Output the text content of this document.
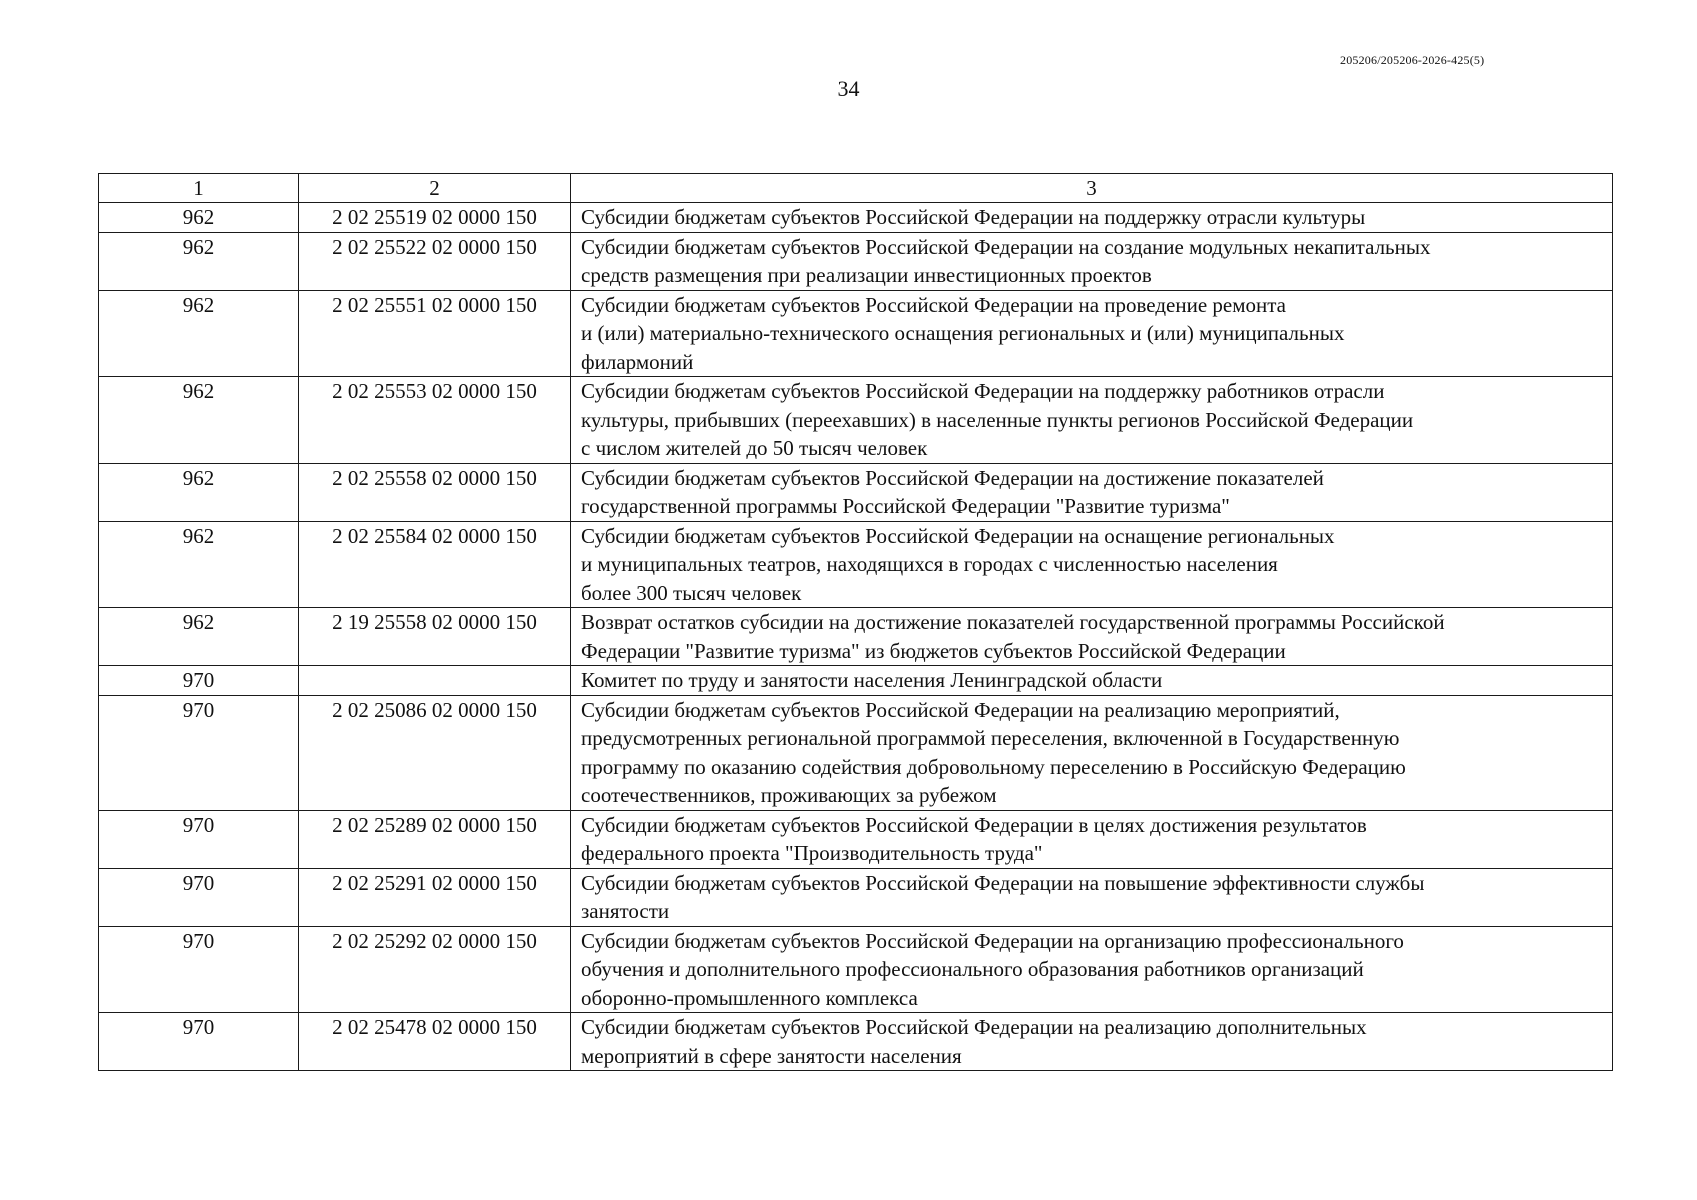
205206/205206-2026-425(5)
34
1	2	3
962	2 02 25519 02 0000 150	Субсидии бюджетам субъектов Российской Федерации на поддержку отрасли культуры

962	2 02 25522 02 0000 150	Субсидии бюджетам субъектов Российской Федерации на создание модульных некапитальных
средств размещения при реализации инвестиционных проектов

962	2 02 25551 02 0000 150	Субсидии бюджетам субъектов Российской Федерации на проведение ремонта
и (или) материально-технического оснащения региональных и (или) муниципальных
филармоний

962	2 02 25553 02 0000 150	Субсидии бюджетам субъектов Российской Федерации на поддержку работников отрасли
культуры, прибывших (переехавших) в населенные пункты регионов Российской Федерации
с числом жителей до 50 тысяч человек

962	2 02 25558 02 0000 150	Субсидии бюджетам субъектов Российской Федерации на достижение показателей
государственной программы Российской Федерации "Развитие туризма"

962	2 02 25584 02 0000 150	Субсидии бюджетам субъектов Российской Федерации на оснащение региональных
и муниципальных театров, находящихся в городах с численностью населения
более 300 тысяч человек

962	2 19 25558 02 0000 150	Возврат остатков субсидии на достижение показателей государственной программы Российской
Федерации "Развитие туризма" из бюджетов субъектов Российской Федерации

970		Комитет по труду и занятости населения Ленинградской области

970	2 02 25086 02 0000 150	Субсидии бюджетам субъектов Российской Федерации на реализацию мероприятий,
предусмотренных региональной программой переселения, включенной в Государственную
программу по оказанию содействия добровольному переселению в Российскую Федерацию
соотечественников, проживающих за рубежом

970	2 02 25289 02 0000 150	Субсидии бюджетам субъектов Российской Федерации в целях достижения результатов
федерального проекта "Производительность труда"

970	2 02 25291 02 0000 150	Субсидии бюджетам субъектов Российской Федерации на повышение эффективности службы
занятости

970	2 02 25292 02 0000 150	Субсидии бюджетам субъектов Российской Федерации на организацию профессионального
обучения и дополнительного профессионального образования работников организаций
оборонно-промышленного комплекса

970	2 02 25478 02 0000 150	Субсидии бюджетам субъектов Российской Федерации на реализацию дополнительных
мероприятий в сфере занятости населения
